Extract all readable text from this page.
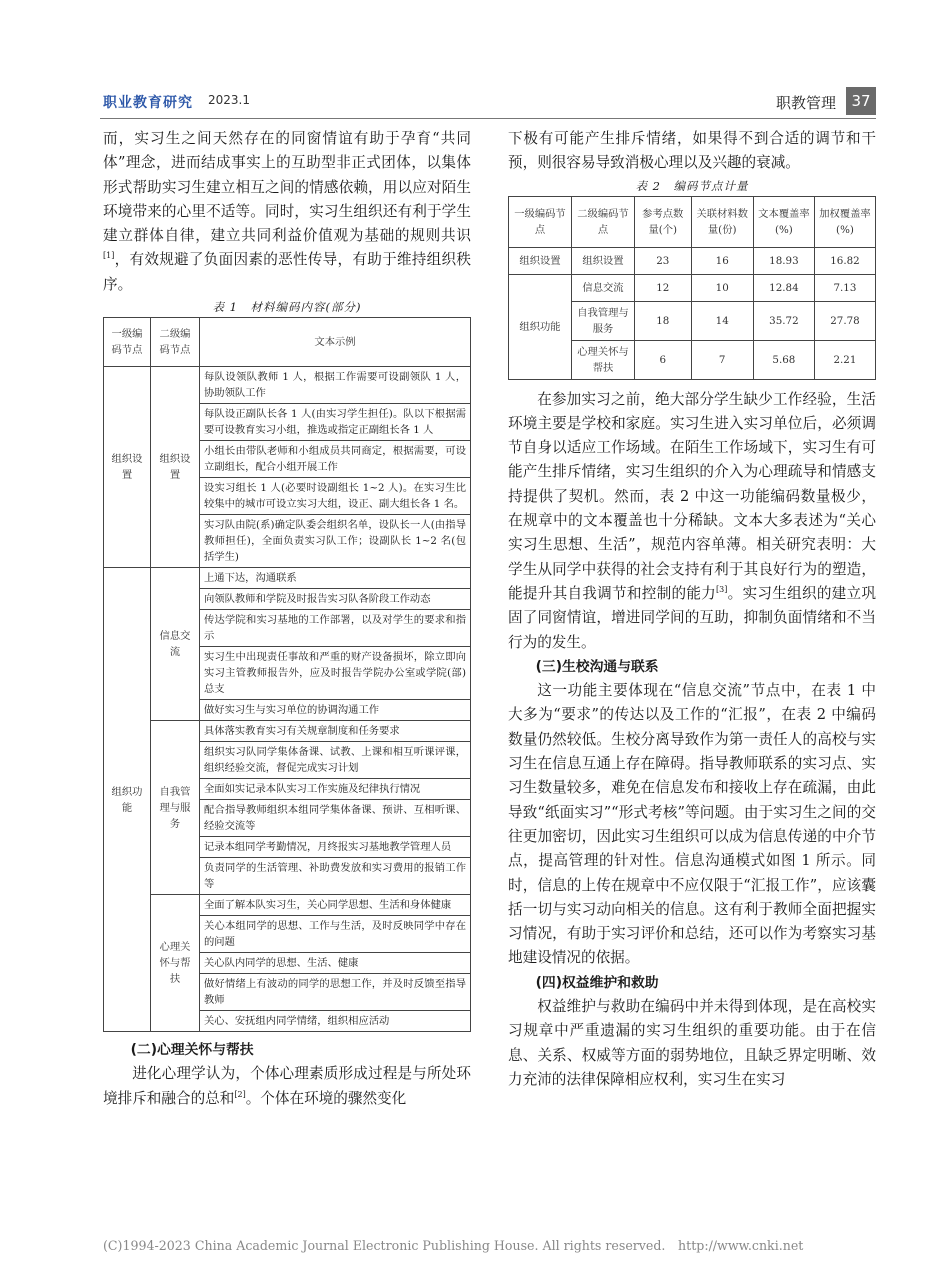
职业教育研究 2023.1	职教管理	37

而，实习生之间天然存在的同窗情谊有助于孕育“共同体”理念，进而结成事实上的互助型非正式团体，以集体形式帮助实习生建立相互之间的情感依赖，用以应对陌生环境带来的心里不适等。同时，实习生组织还有利于学生建立群体自律，建立共同利益价值观为基础的规则共识[1]，有效规避了负面因素的恶性传导，有助于维持组织秩序。

表 1　材料编码内容(部分)

一级编码节点	二级编码节点	文本示例
组织设置	组织设置	每队设领队教师 1 人，根据工作需要可设副领队 1 人，协助领队工作
		每队设正副队长各 1 人(由实习学生担任)。队以下根据需要可设教育实习小组，推选或指定正副组长各 1 人
		小组长由带队老师和小组成员共同商定，根据需要，可设立副组长，配合小组开展工作
		设实习组长 1 人(必要时设副组长 1~2 人)。在实习生比较集中的城市可设立实习大组，设正、副大组长各 1 名。
		实习队由院(系)确定队委会组织名单，设队长一人(由指导教师担任)，全面负责实习队工作；设副队长 1~2 名(包括学生)
组织功能	信息交流	上通下达，沟通联系
		向领队教师和学院及时报告实习队各阶段工作动态
		传达学院和实习基地的工作部署，以及对学生的要求和指示
		实习生中出现责任事故和严重的财产设备损坏，除立即向实习主管教师报告外，应及时报告学院办公室或学院(部)总支
		做好实习生与实习单位的协调沟通工作
	自我管理与服务	具体落实教育实习有关规章制度和任务要求
		组织实习队同学集体备课、试教、上课和相互听课评课，组织经验交流，督促完成实习计划
		全面如实记录本队实习工作实施及纪律执行情况
		配合指导教师组织本组同学集体备课、预讲、互相听课、经验交流等
		记录本组同学考勤情况，月终报实习基地教学管理人员
		负责同学的生活管理、补助费发放和实习费用的报销工作等
	心理关怀与帮扶	全面了解本队实习生，关心同学思想、生活和身体健康
		关心本组同学的思想、工作与生活，及时反映同学中存在的问题
		关心队内同学的思想、生活、健康
		做好情绪上有波动的同学的思想工作，并及时反馈至指导教师
		关心、安抚组内同学情绪，组织相应活动

(二)心理关怀与帮扶

进化心理学认为，个体心理素质形成过程是与所处环境排斥和融合的总和[2]。个体在环境的骤然变化

下极有可能产生排斥情绪，如果得不到合适的调节和干预，则很容易导致消极心理以及兴趣的衰减。

表 2　编码节点计量

一级编码节点	二级编码节点	参考点数量(个)	关联材料数量(份)	文本覆盖率(%)	加权覆盖率(%)
组织设置	组织设置	23	16	18.93	16.82
组织功能	信息交流	12	10	12.84	7.13
	自我管理与服务	18	14	35.72	27.78
	心理关怀与帮扶	6	7	5.68	2.21

在参加实习之前，绝大部分学生缺少工作经验，生活环境主要是学校和家庭。实习生进入实习单位后，必须调节自身以适应工作场域。在陌生工作场域下，实习生有可能产生排斥情绪，实习生组织的介入为心理疏导和情感支持提供了契机。然而，表 2 中这一功能编码数量极少，在规章中的文本覆盖也十分稀缺。文本大多表述为“关心实习生思想、生活”，规范内容单薄。相关研究表明：大学生从同学中获得的社会支持有利于其良好行为的塑造，能提升其自我调节和控制的能力[3]。实习生组织的建立巩固了同窗情谊，增进同学间的互助，抑制负面情绪和不当行为的发生。

(三)生校沟通与联系

这一功能主要体现在“信息交流”节点中，在表 1 中大多为“要求”的传达以及工作的“汇报”，在表 2 中编码数量仍然较低。生校分离导致作为第一责任人的高校与实习生在信息互通上存在障碍。指导教师联系的实习点、实习生数量较多，难免在信息发布和接收上存在疏漏，由此导致“纸面实习”“形式考核”等问题。由于实习生之间的交往更加密切，因此实习生组织可以成为信息传递的中介节点，提高管理的针对性。信息沟通模式如图 1 所示。同时，信息的上传在规章中不应仅限于“汇报工作”，应该囊括一切与实习动向相关的信息。这有利于教师全面把握实习情况，有助于实习评价和总结，还可以作为考察实习基地建设情况的依据。

(四)权益维护和救助

权益维护与救助在编码中并未得到体现，是在高校实习规章中严重遗漏的实习生组织的重要功能。由于在信息、关系、权威等方面的弱势地位，且缺乏界定明晰、效力充沛的法律保障相应权利，实习生在实习

(C)1994-2023 China Academic Journal Electronic Publishing House. All rights reserved.　http://www.cnki.net
